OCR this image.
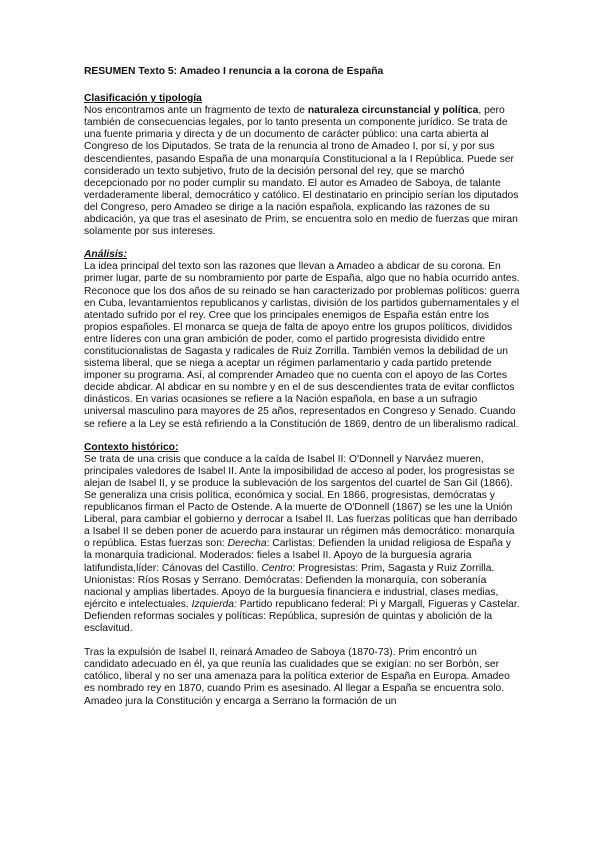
RESUMEN Texto 5: Amadeo I renuncia a la corona de España
Clasificación y tipología

Nos encontramos ante un fragmento de texto de naturaleza circunstancial y política, pero también de consecuencias legales, por lo tanto presenta un componente jurídico. Se trata de una fuente primaria y directa y de un documento de carácter público: una carta abierta al Congreso de los Diputados. Se trata de la renuncia al trono de Amadeo I, por sí, y por sus descendientes, pasando España de una monarquía Constitucional a la I República. Puede ser considerado un texto subjetivo, fruto de la decisión personal del rey, que se marchó decepcionado por no poder cumplir su mandato. El autor es Amadeo de Saboya, de talante verdaderamente liberal, democrático y católico. El destinatario en principio serían los diputados del Congreso, pero Amadeo se dirige a la nación española, explicando las razones de su abdicación, ya que tras el asesinato de Prim, se encuentra solo en medio de fuerzas que miran solamente por sus intereses.

Análisis:

La idea principal del texto son las razones que llevan a Amadeo a abdicar de su corona. En primer lugar, parte de su nombramiento por parte de España, algo que no había ocurrido antes. Reconoce que los dos años de su reinado se han caracterizado por problemas políticos: guerra en Cuba, levantamientos republicanos y carlistas, división de los partidos gubernamentales y el atentado sufrido por el rey. Cree que los principales enemigos de España están entre los propios españoles. El monarca se queja de falta de apoyo entre los grupos políticos, divididos entre líderes con una gran ambición de poder, como el partido progresista dividido entre constitucionalistas de Sagasta y radicales de Ruiz Zorrilla. También vemos la debilidad de un sistema liberal, que se niega a aceptar un régimen parlamentario y cada partido pretende imponer su programa. Así, al comprender Amadeo que no cuenta con el apoyo de las Cortes decide abdicar. Al abdicar en su nombre y en el de sus descendientes trata de evitar conflictos dinásticos. En varias ocasiones se refiere a la Nación española, en base a un sufragio universal masculino para mayores de 25 años, representados en Congreso y Senado. Cuando se refiere a la Ley se está refiriendo a la Constitución de 1869, dentro de un liberalismo radical.

Contexto histórico:

Se trata de una crisis que conduce a la caída de Isabel II: O'Donnell y Narváez mueren, principales valedores de Isabel II. Ante la imposibilidad de acceso al poder, los progresistas se alejan de Isabel II, y se produce la sublevación de los sargentos del cuartel de San Gil (1866).

Se generaliza una crisis política, económica y social. En 1866, progresistas, demócratas y republicanos firman el Pacto de Ostende. A la muerte de O'Donnell (1867) se les une la Unión Liberal, para cambiar el gobierno y derrocar a Isabel II. Las fuerzas políticas que han derribado a Isabel II se deben poner de acuerdo para instaurar un régimen más democrático: monarquía o república. Estas fuerzas son: Derecha: Carlistas: Defienden la unidad religiosa de España y la monarquía tradicional. Moderados: fieles a Isabel II. Apoyo de la burguesía agraria latifundista,líder: Cánovas del Castillo. Centro: Progresistas: Prim, Sagasta y Ruiz Zorrilla. Unionistas: Ríos Rosas y Serrano. Demócratas: Defienden la monarquía, con soberanía nacional y amplias libertades. Apoyo de la burguesía financiera e industrial, clases medias, ejército e intelectuales. Izquierda: Partido republicano federal: Pi y Margall, Figueras y Castelar. Defienden reformas sociales y políticas: República, supresión de quintas y abolición de la esclavitud.

Tras la expulsión de Isabel II, reinará Amadeo de Saboya (1870-73). Prim encontró un candidato adecuado en él, ya que reunía las cualidades que se exigían: no ser Borbón, ser católico, liberal y no ser una amenaza para la política exterior de España en Europa. Amadeo es nombrado rey en 1870, cuando Prim es asesinado. Al llegar a España se encuentra solo. Amadeo jura la Constitución y encarga a Serrano la formación de un
